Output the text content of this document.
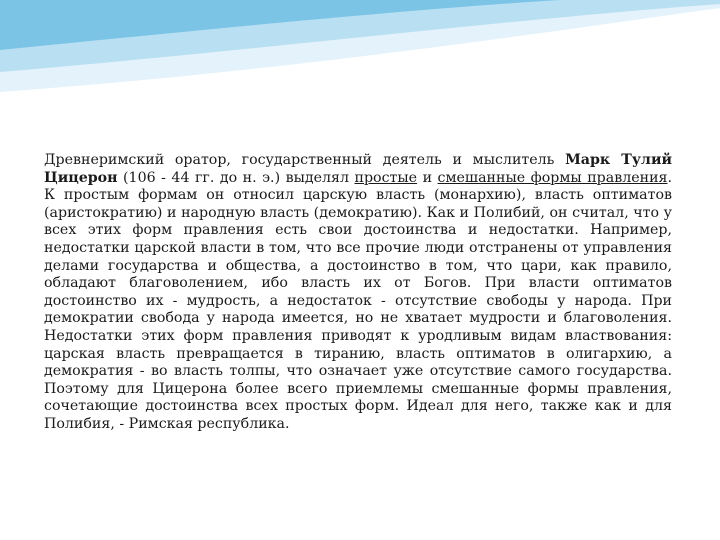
Древнеримский оратор, государственный деятель и мыслитель Марк Тулий Цицерон (106 - 44 гг. до н. э.) выделял простые и смешанные формы правления. К простым формам он относил царскую власть (монархию), власть оптиматов (аристократию) и народную власть (демократию). Как и Полибий, он считал, что у всех этих форм правления есть свои достоинства и недостатки. Например, недостатки царской власти в том, что все прочие люди отстранены от управления делами государства и общества, а достоинство в том, что цари, как правило, обладают благоволением, ибо власть их от Богов. При власти оптиматов достоинство их - мудрость, а недостаток - отсутствие свободы у народа. При демократии свобода у народа имеется, но не хватает мудрости и благоволения. Недостатки этих форм правления приводят к уродливым видам властвования: царская власть превращается в тиранию, власть оптиматов в олигархию, а демократия - во власть толпы, что означает уже отсутствие самого государства. Поэтому для Цицерона более всего приемлемы смешанные формы правления, сочетающие достоинства всех простых форм. Идеал для него, также как и для Полибия, - Римская республика.
